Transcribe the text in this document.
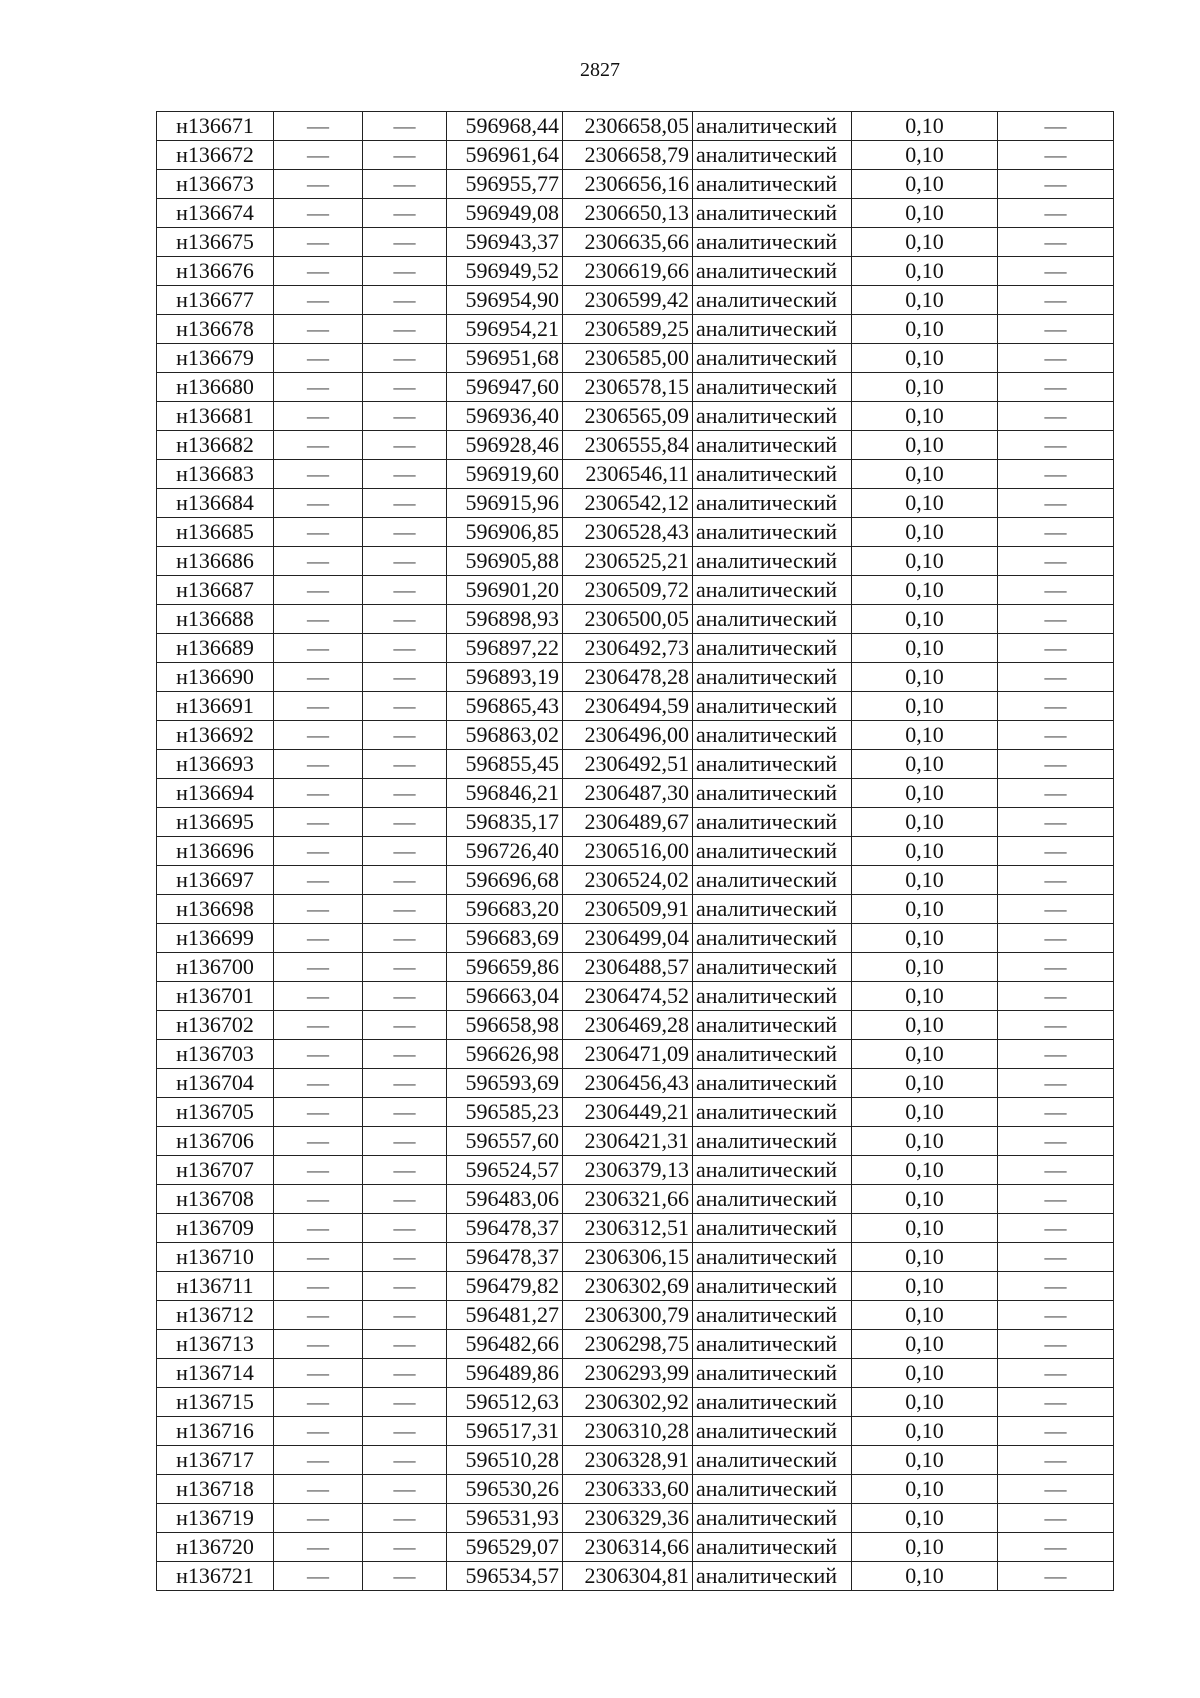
2827
н136671	—	—	596968,44	2306658,05	аналитический	0,10	—
н136672	—	—	596961,64	2306658,79	аналитический	0,10	—
н136673	—	—	596955,77	2306656,16	аналитический	0,10	—
н136674	—	—	596949,08	2306650,13	аналитический	0,10	—
н136675	—	—	596943,37	2306635,66	аналитический	0,10	—
н136676	—	—	596949,52	2306619,66	аналитический	0,10	—
н136677	—	—	596954,90	2306599,42	аналитический	0,10	—
н136678	—	—	596954,21	2306589,25	аналитический	0,10	—
н136679	—	—	596951,68	2306585,00	аналитический	0,10	—
н136680	—	—	596947,60	2306578,15	аналитический	0,10	—
н136681	—	—	596936,40	2306565,09	аналитический	0,10	—
н136682	—	—	596928,46	2306555,84	аналитический	0,10	—
н136683	—	—	596919,60	2306546,11	аналитический	0,10	—
н136684	—	—	596915,96	2306542,12	аналитический	0,10	—
н136685	—	—	596906,85	2306528,43	аналитический	0,10	—
н136686	—	—	596905,88	2306525,21	аналитический	0,10	—
н136687	—	—	596901,20	2306509,72	аналитический	0,10	—
н136688	—	—	596898,93	2306500,05	аналитический	0,10	—
н136689	—	—	596897,22	2306492,73	аналитический	0,10	—
н136690	—	—	596893,19	2306478,28	аналитический	0,10	—
н136691	—	—	596865,43	2306494,59	аналитический	0,10	—
н136692	—	—	596863,02	2306496,00	аналитический	0,10	—
н136693	—	—	596855,45	2306492,51	аналитический	0,10	—
н136694	—	—	596846,21	2306487,30	аналитический	0,10	—
н136695	—	—	596835,17	2306489,67	аналитический	0,10	—
н136696	—	—	596726,40	2306516,00	аналитический	0,10	—
н136697	—	—	596696,68	2306524,02	аналитический	0,10	—
н136698	—	—	596683,20	2306509,91	аналитический	0,10	—
н136699	—	—	596683,69	2306499,04	аналитический	0,10	—
н136700	—	—	596659,86	2306488,57	аналитический	0,10	—
н136701	—	—	596663,04	2306474,52	аналитический	0,10	—
н136702	—	—	596658,98	2306469,28	аналитический	0,10	—
н136703	—	—	596626,98	2306471,09	аналитический	0,10	—
н136704	—	—	596593,69	2306456,43	аналитический	0,10	—
н136705	—	—	596585,23	2306449,21	аналитический	0,10	—
н136706	—	—	596557,60	2306421,31	аналитический	0,10	—
н136707	—	—	596524,57	2306379,13	аналитический	0,10	—
н136708	—	—	596483,06	2306321,66	аналитический	0,10	—
н136709	—	—	596478,37	2306312,51	аналитический	0,10	—
н136710	—	—	596478,37	2306306,15	аналитический	0,10	—
н136711	—	—	596479,82	2306302,69	аналитический	0,10	—
н136712	—	—	596481,27	2306300,79	аналитический	0,10	—
н136713	—	—	596482,66	2306298,75	аналитический	0,10	—
н136714	—	—	596489,86	2306293,99	аналитический	0,10	—
н136715	—	—	596512,63	2306302,92	аналитический	0,10	—
н136716	—	—	596517,31	2306310,28	аналитический	0,10	—
н136717	—	—	596510,28	2306328,91	аналитический	0,10	—
н136718	—	—	596530,26	2306333,60	аналитический	0,10	—
н136719	—	—	596531,93	2306329,36	аналитический	0,10	—
н136720	—	—	596529,07	2306314,66	аналитический	0,10	—
н136721	—	—	596534,57	2306304,81	аналитический	0,10	—
